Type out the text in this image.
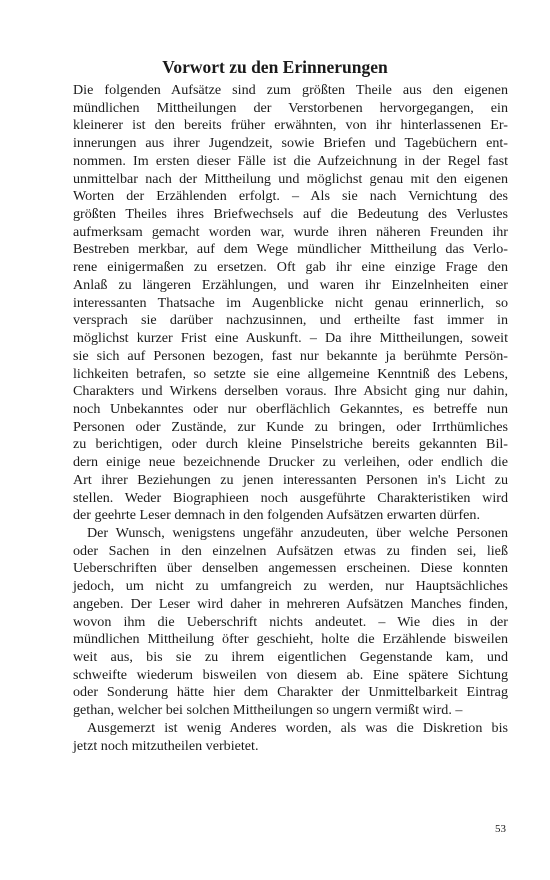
Vorwort zu den Erinnerungen
Die folgenden Aufsätze sind zum größten Theile aus den eigenen
mündlichen Mittheilungen der Verstorbenen hervorgegangen, ein
kleinerer ist den bereits früher erwähnten, von ihr hinterlassenen Er-
innerungen aus ihrer Jugendzeit, sowie Briefen und Tagebüchern ent-
nommen. Im ersten dieser Fälle ist die Aufzeichnung in der Regel fast
unmittelbar nach der Mittheilung und möglichst genau mit den eigenen
Worten der Erzählenden erfolgt. – Als sie nach Vernichtung des
größten Theiles ihres Briefwechsels auf die Bedeutung des Verlustes
aufmerksam gemacht worden war, wurde ihren näheren Freunden ihr
Bestreben merkbar, auf dem Wege mündlicher Mittheilung das Verlo-
rene einigermaßen zu ersetzen. Oft gab ihr eine einzige Frage den
Anlaß zu längeren Erzählungen, und waren ihr Einzelnheiten einer
interessanten Thatsache im Augenblicke nicht genau erinnerlich, so
versprach sie darüber nachzusinnen, und ertheilte fast immer in
möglichst kurzer Frist eine Auskunft. – Da ihre Mittheilungen, soweit
sie sich auf Personen bezogen, fast nur bekannte ja berühmte Persön-
lichkeiten betrafen, so setzte sie eine allgemeine Kenntniß des Lebens,
Charakters und Wirkens derselben voraus. Ihre Absicht ging nur dahin,
noch Unbekanntes oder nur oberflächlich Gekanntes, es betreffe nun
Personen oder Zustände, zur Kunde zu bringen, oder Irrthümliches
zu berichtigen, oder durch kleine Pinselstriche bereits gekannten Bil-
dern einige neue bezeichnende Drucker zu verleihen, oder endlich die
Art ihrer Beziehungen zu jenen interessanten Personen in's Licht zu
stellen. Weder Biographieen noch ausgeführte Charakteristiken wird
der geehrte Leser demnach in den folgenden Aufsätzen erwarten dürfen.
Der Wunsch, wenigstens ungefähr anzudeuten, über welche Personen
oder Sachen in den einzelnen Aufsätzen etwas zu finden sei, ließ
Ueberschriften über denselben angemessen erscheinen. Diese konnten
jedoch, um nicht zu umfangreich zu werden, nur Hauptsächliches
angeben. Der Leser wird daher in mehreren Aufsätzen Manches finden,
wovon ihm die Ueberschrift nichts andeutet. – Wie dies in der
mündlichen Mittheilung öfter geschieht, holte die Erzählende bisweilen
weit aus, bis sie zu ihrem eigentlichen Gegenstande kam, und
schweifte wiederum bisweilen von diesem ab. Eine spätere Sichtung
oder Sonderung hätte hier dem Charakter der Unmittelbarkeit Eintrag
gethan, welcher bei solchen Mittheilungen so ungern vermißt wird. –
Ausgemerzt ist wenig Anderes worden, als was die Diskretion bis
jetzt noch mitzutheilen verbietet.
53
